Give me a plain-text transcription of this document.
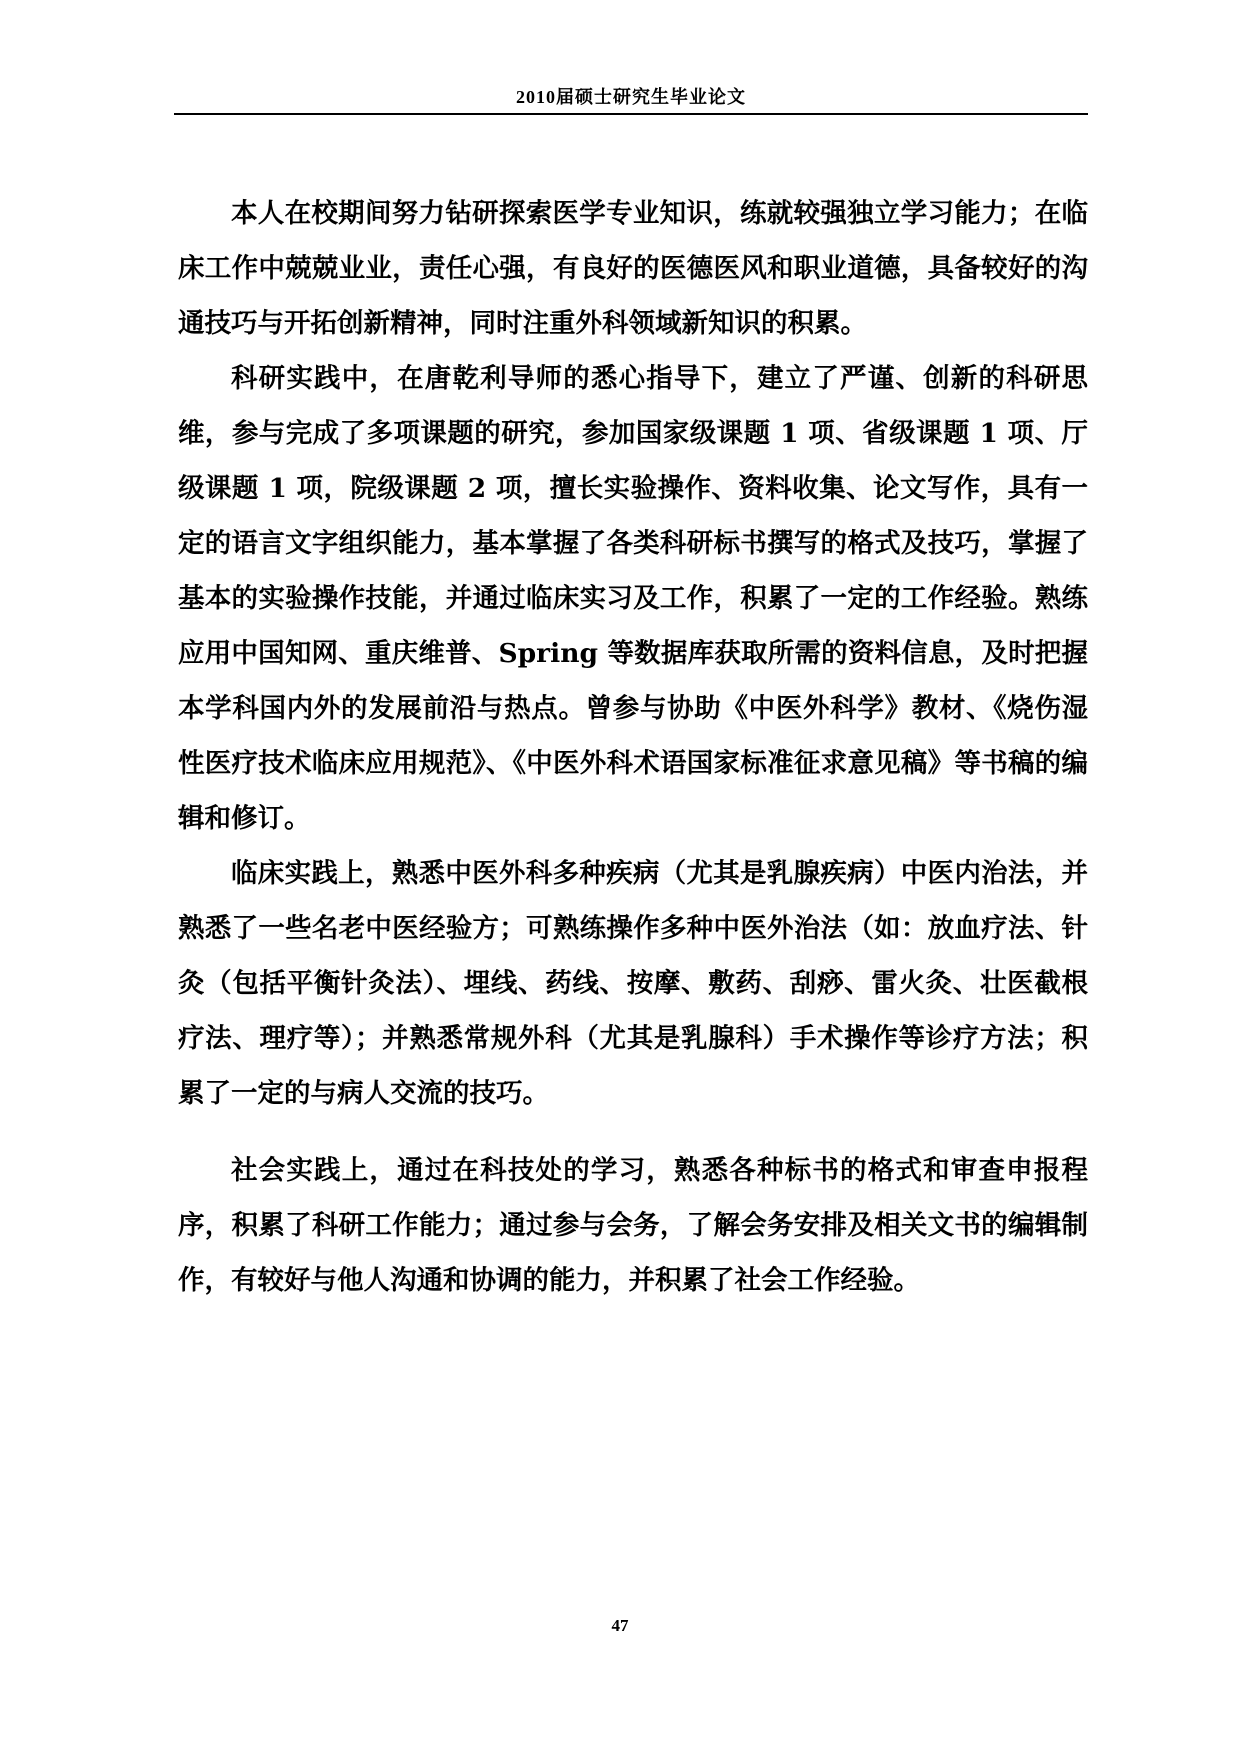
2010届硕士研究生毕业论文

本人在校期间努力钻研探索医学专业知识，练就较强独立学习能力；在临床工作中兢兢业业，责任心强，有良好的医德医风和职业道德，具备较好的沟通技巧与开拓创新精神，同时注重外科领域新知识的积累。

科研实践中，在唐乾利导师的悉心指导下，建立了严谨、创新的科研思维，参与完成了多项课题的研究，参加国家级课题 1 项、省级课题 1 项、厅级课题 1 项，院级课题 2 项，擅长实验操作、资料收集、论文写作，具有一定的语言文字组织能力，基本掌握了各类科研标书撰写的格式及技巧，掌握了基本的实验操作技能，并通过临床实习及工作，积累了一定的工作经验。熟练应用中国知网、重庆维普、Spring 等数据库获取所需的资料信息，及时把握本学科国内外的发展前沿与热点。曾参与协助《中医外科学》教材、《烧伤湿性医疗技术临床应用规范》、《中医外科术语国家标准征求意见稿》等书稿的编辑和修订。

临床实践上，熟悉中医外科多种疾病（尤其是乳腺疾病）中医内治法，并熟悉了一些名老中医经验方；可熟练操作多种中医外治法（如：放血疗法、针灸（包括平衡针灸法）、埋线、药线、按摩、敷药、刮痧、雷火灸、壮医截根疗法、理疗等）；并熟悉常规外科（尤其是乳腺科）手术操作等诊疗方法；积累了一定的与病人交流的技巧。

社会实践上，通过在科技处的学习，熟悉各种标书的格式和审查申报程序，积累了科研工作能力；通过参与会务，了解会务安排及相关文书的编辑制作，有较好与他人沟通和协调的能力，并积累了社会工作经验。

47
